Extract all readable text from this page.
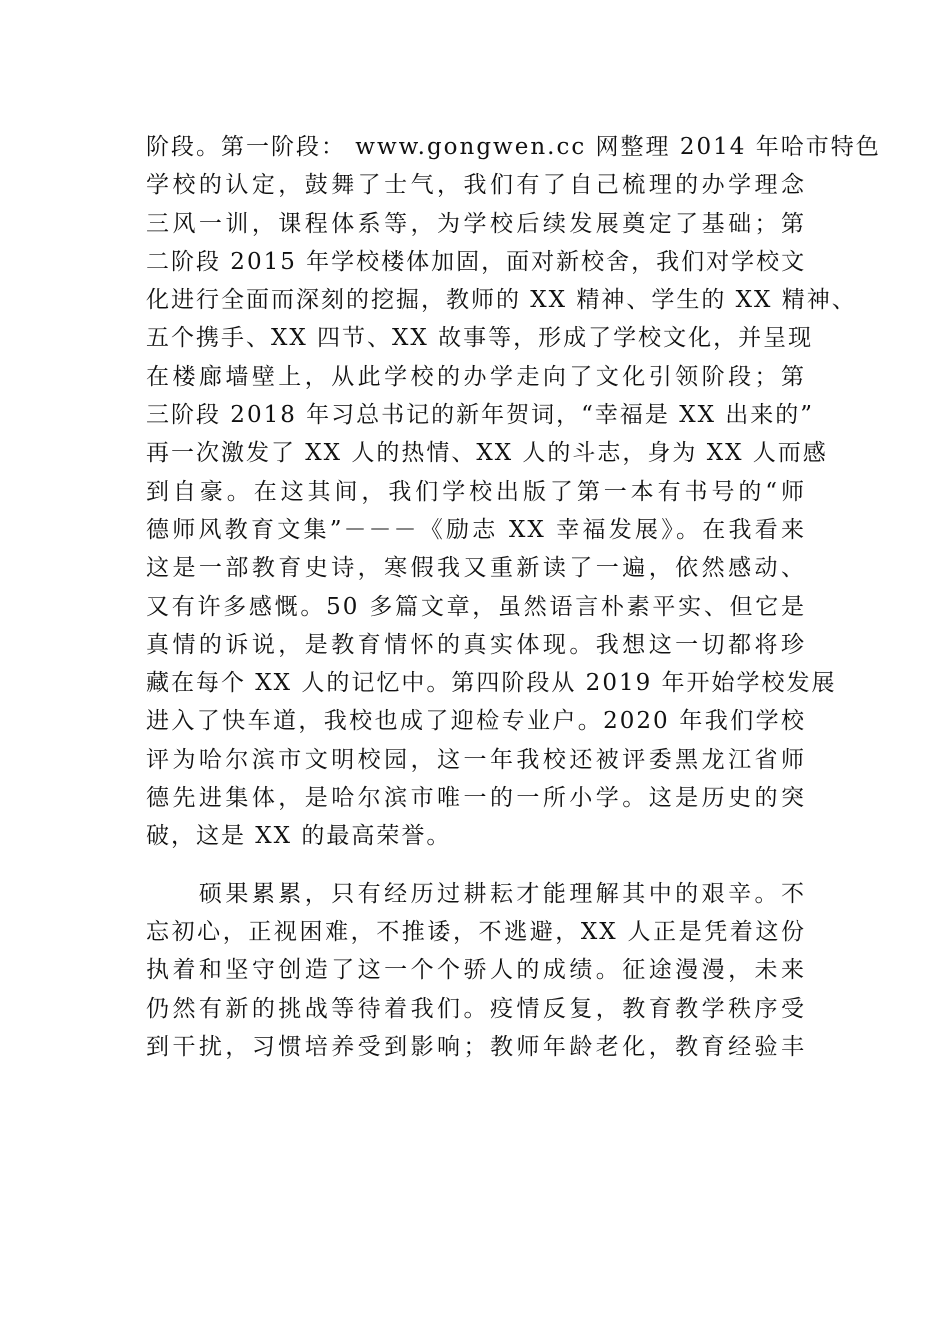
阶段。第一阶段： www.gongwen.cc 网整理 2014 年哈市特色
学校的认定，鼓舞了士气，我们有了自己梳理的办学理念
三风一训，课程体系等，为学校后续发展奠定了基础；第
二阶段 2015 年学校楼体加固，面对新校舍，我们对学校文
化进行全面而深刻的挖掘，教师的 XX 精神、学生的 XX 精神、
五个携手、XX 四节、XX 故事等，形成了学校文化，并呈现
在楼廊墙壁上，从此学校的办学走向了文化引领阶段；第
三阶段 2018 年习总书记的新年贺词，“幸福是 XX 出来的”
再一次激发了 XX 人的热情、XX 人的斗志，身为 XX 人而感
到自豪。在这其间，我们学校出版了第一本有书号的“师
德师风教育文集”－－－《励志 XX 幸福发展》。在我看来
这是一部教育史诗，寒假我又重新读了一遍，依然感动、
又有许多感慨。50 多篇文章，虽然语言朴素平实、但它是
真情的诉说，是教育情怀的真实体现。我想这一切都将珍
藏在每个 XX 人的记忆中。第四阶段从 2019 年开始学校发展
进入了快车道，我校也成了迎检专业户。2020 年我们学校
评为哈尔滨市文明校园，这一年我校还被评委黑龙江省师
德先进集体，是哈尔滨市唯一的一所小学。这是历史的突
破，这是 XX 的最高荣誉。
　　硕果累累，只有经历过耕耘才能理解其中的艰辛。不
忘初心，正视困难，不推诿，不逃避，XX 人正是凭着这份
执着和坚守创造了这一个个骄人的成绩。征途漫漫，未来
仍然有新的挑战等待着我们。疫情反复，教育教学秩序受
到干扰，习惯培养受到影响；教师年龄老化，教育经验丰
